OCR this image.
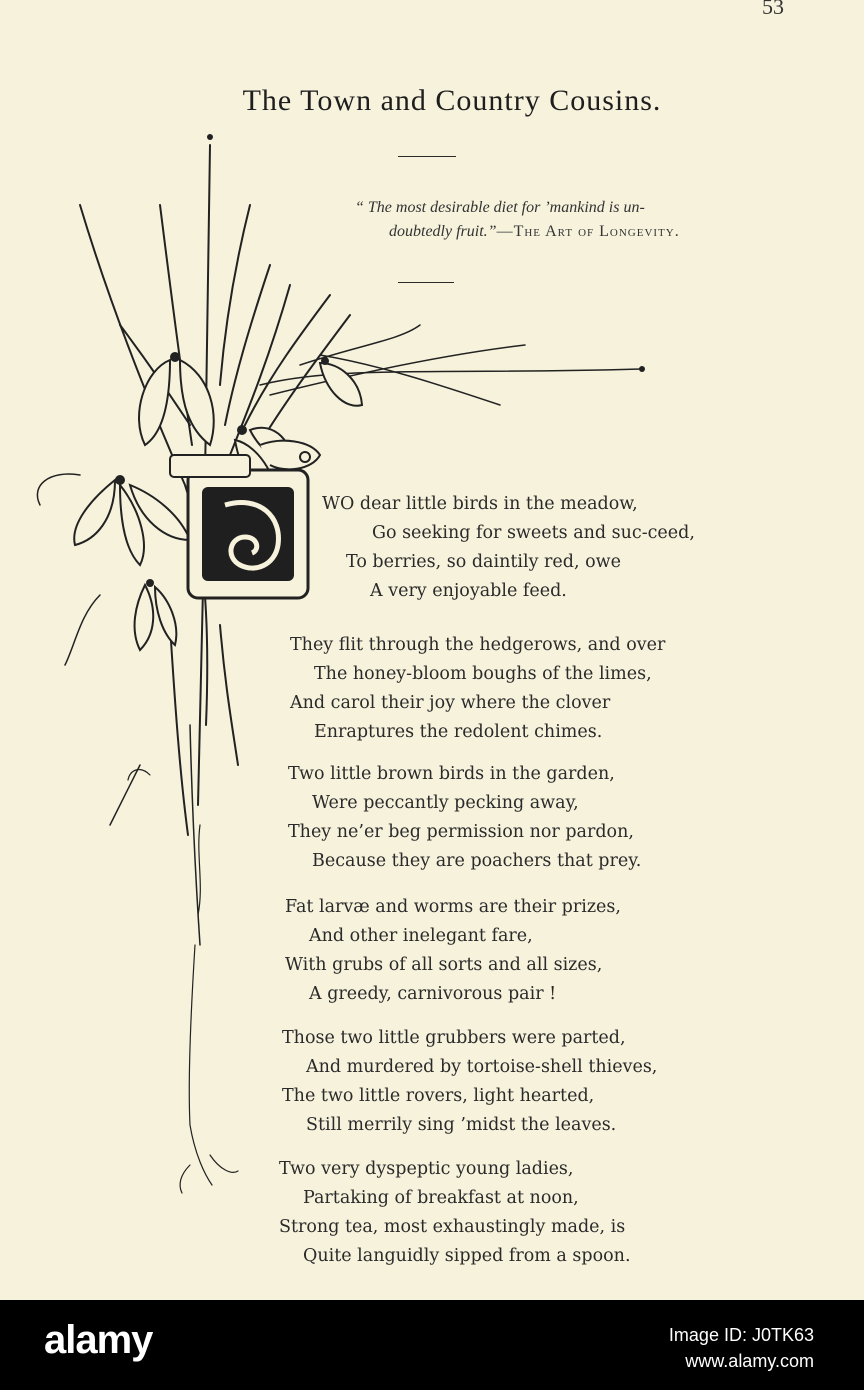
53
The Town and Country Cousins.
“ The most desirable diet for ’mankind is un-
doubtedly fruit.”—The Art of Longevity.
WO dear little birds in the meadow,
Go seeking for sweets and suc-ceed,
To berries, so daintily red, owe
A very enjoyable feed.
They flit through the hedgerows, and over
The honey-bloom boughs of the limes,
And carol their joy where the clover
Enraptures the redolent chimes.
Two little brown birds in the garden,
Were peccantly pecking away,
They ne’er beg permission nor pardon,
Because they are poachers that prey.
Fat larvæ and worms are their prizes,
And other inelegant fare,
With grubs of all sorts and all sizes,
A greedy, carnivorous pair !
Those two little grubbers were parted,
And murdered by tortoise-shell thieves,
The two little rovers, light hearted,
Still merrily sing ’midst the leaves.
Two very dyspeptic young ladies,
Partaking of breakfast at noon,
Strong tea, most exhaustingly made, is
Quite languidly sipped from a spoon.
alamy	Image ID: J0TK63
www.alamy.com
